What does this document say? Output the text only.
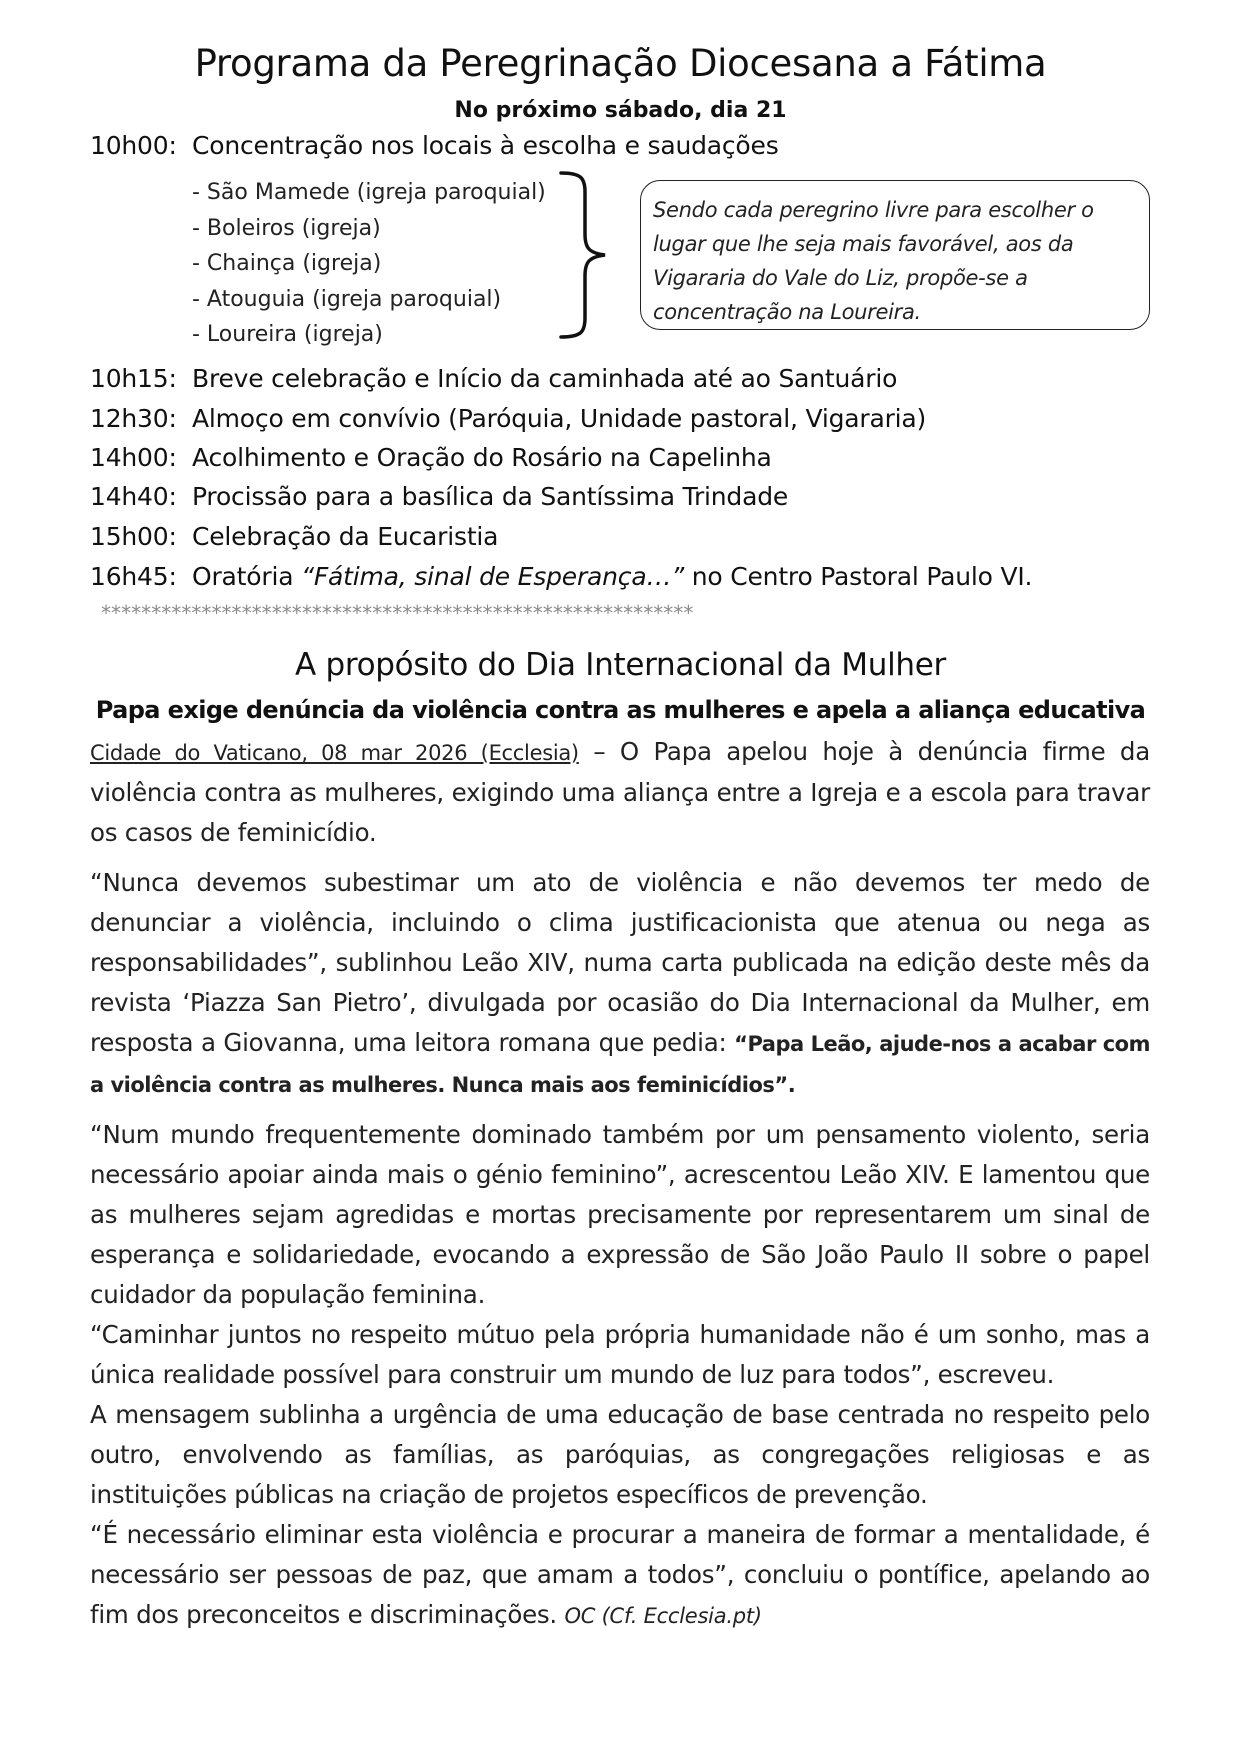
Programa da Peregrinação Diocesana a Fátima
No próximo sábado, dia 21
10h00: Concentração nos locais à escolha e saudações
- São Mamede (igreja paroquial)
- Boleiros (igreja)
- Chainça (igreja)
- Atouguia (igreja paroquial)
- Loureira (igreja)
Sendo cada peregrino livre para escolher o lugar que lhe seja mais favorável, aos da Vigararia do Vale do Liz, propõe-se a concentração na Loureira.
10h15: Breve celebração e Início da caminhada até ao Santuário
12h30: Almoço em convívio (Paróquia, Unidade pastoral, Vigararia)
14h00: Acolhimento e Oração do Rosário na Capelinha
14h40: Procissão para a basílica da Santíssima Trindade
15h00: Celebração da Eucaristia
16h45: Oratória “Fátima, sinal de Esperança…” no Centro Pastoral Paulo VI.
***********************************************************
A propósito do Dia Internacional da Mulher
Papa exige denúncia da violência contra as mulheres e apela a aliança educativa

Cidade do Vaticano, 08 mar 2026 (Ecclesia) – O Papa apelou hoje à denúncia firme da violência contra as mulheres, exigindo uma aliança entre a Igreja e a escola para travar os casos de feminicídio.

“Nunca devemos subestimar um ato de violência e não devemos ter medo de denunciar a violência, incluindo o clima justificacionista que atenua ou nega as responsabilidades”, sublinhou Leão XIV, numa carta publicada na edição deste mês da revista ‘Piazza San Pietro’, divulgada por ocasião do Dia Internacional da Mulher, em resposta a Giovanna, uma leitora romana que pedia: “Papa Leão, ajude-nos a acabar com a violência contra as mulheres. Nunca mais aos feminicídios”.

“Num mundo frequentemente dominado também por um pensamento violento, seria necessário apoiar ainda mais o génio feminino”, acrescentou Leão XIV. E lamentou que as mulheres sejam agredidas e mortas precisamente por representarem um sinal de esperança e solidariedade, evocando a expressão de São João Paulo II sobre o papel cuidador da população feminina.

“Caminhar juntos no respeito mútuo pela própria humanidade não é um sonho, mas a única realidade possível para construir um mundo de luz para todos”, escreveu.

A mensagem sublinha a urgência de uma educação de base centrada no respeito pelo outro, envolvendo as famílias, as paróquias, as congregações religiosas e as instituições públicas na criação de projetos específicos de prevenção.

“É necessário eliminar esta violência e procurar a maneira de formar a mentalidade, é necessário ser pessoas de paz, que amam a todos”, concluiu o pontífice, apelando ao fim dos preconceitos e discriminações. OC (Cf. Ecclesia.pt)
